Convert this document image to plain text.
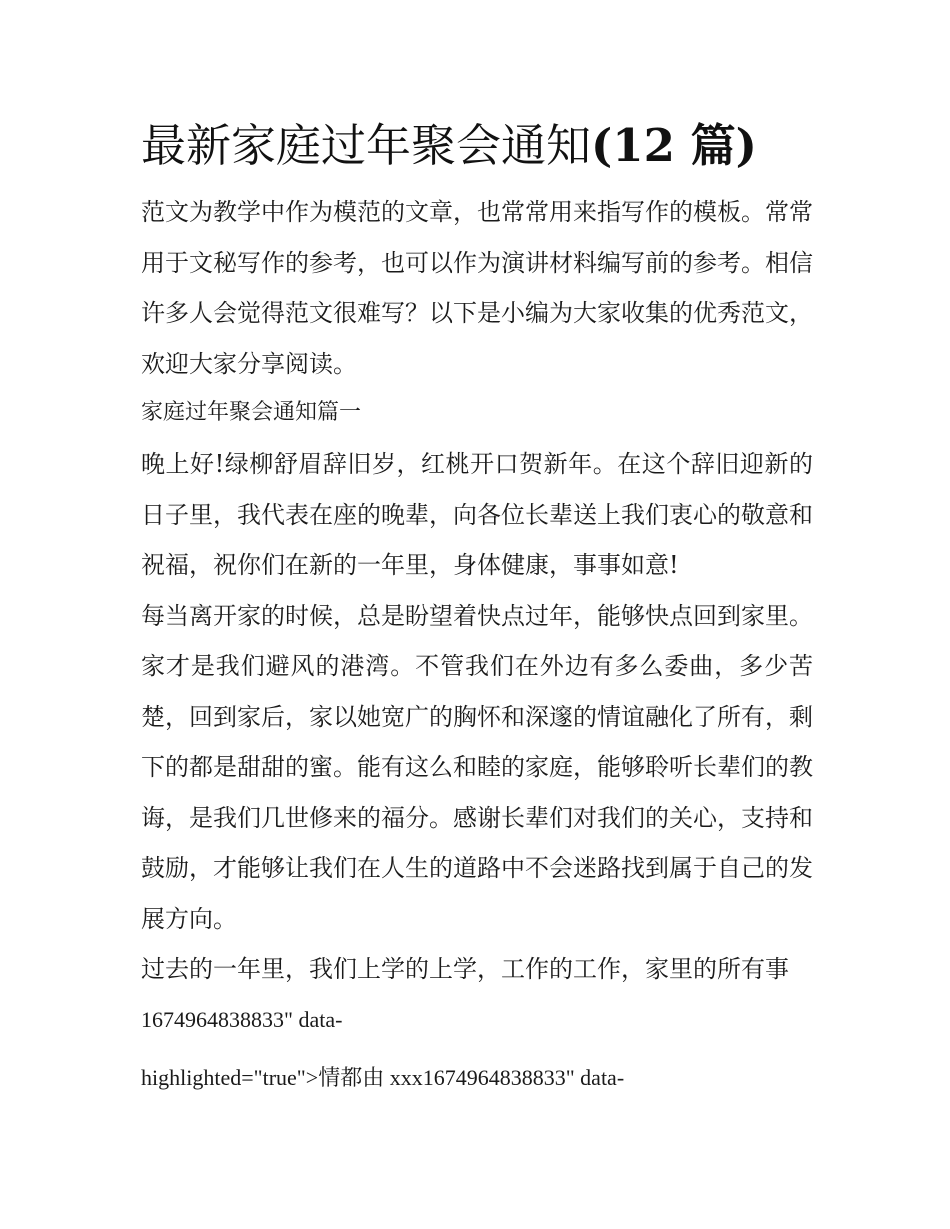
最新家庭过年聚会通知(12 篇)

范文为教学中作为模范的文章，也常常用来指写作的模板。常常用于文秘写作的参考，也可以作为演讲材料编写前的参考。相信许多人会觉得范文很难写？以下是小编为大家收集的优秀范文，欢迎大家分享阅读。

家庭过年聚会通知篇一

晚上好!绿柳舒眉辞旧岁，红桃开口贺新年。在这个辞旧迎新的日子里，我代表在座的晚辈，向各位长辈送上我们衷心的敬意和祝福，祝你们在新的一年里，身体健康，事事如意!

每当离开家的时候，总是盼望着快点过年，能够快点回到家里。家才是我们避风的港湾。不管我们在外边有多么委曲，多少苦楚，回到家后，家以她宽广的胸怀和深邃的情谊融化了所有，剩下的都是甜甜的蜜。能有这么和睦的家庭，能够聆听长辈们的教诲，是我们几世修来的福分。感谢长辈们对我们的关心，支持和鼓励，才能够让我们在人生的道路中不会迷路找到属于自己的发展方向。

过去的一年里，我们上学的上学，工作的工作，家里的所有事

1674964838833" data-

highlighted="true">情都由 xxx1674964838833" data-
